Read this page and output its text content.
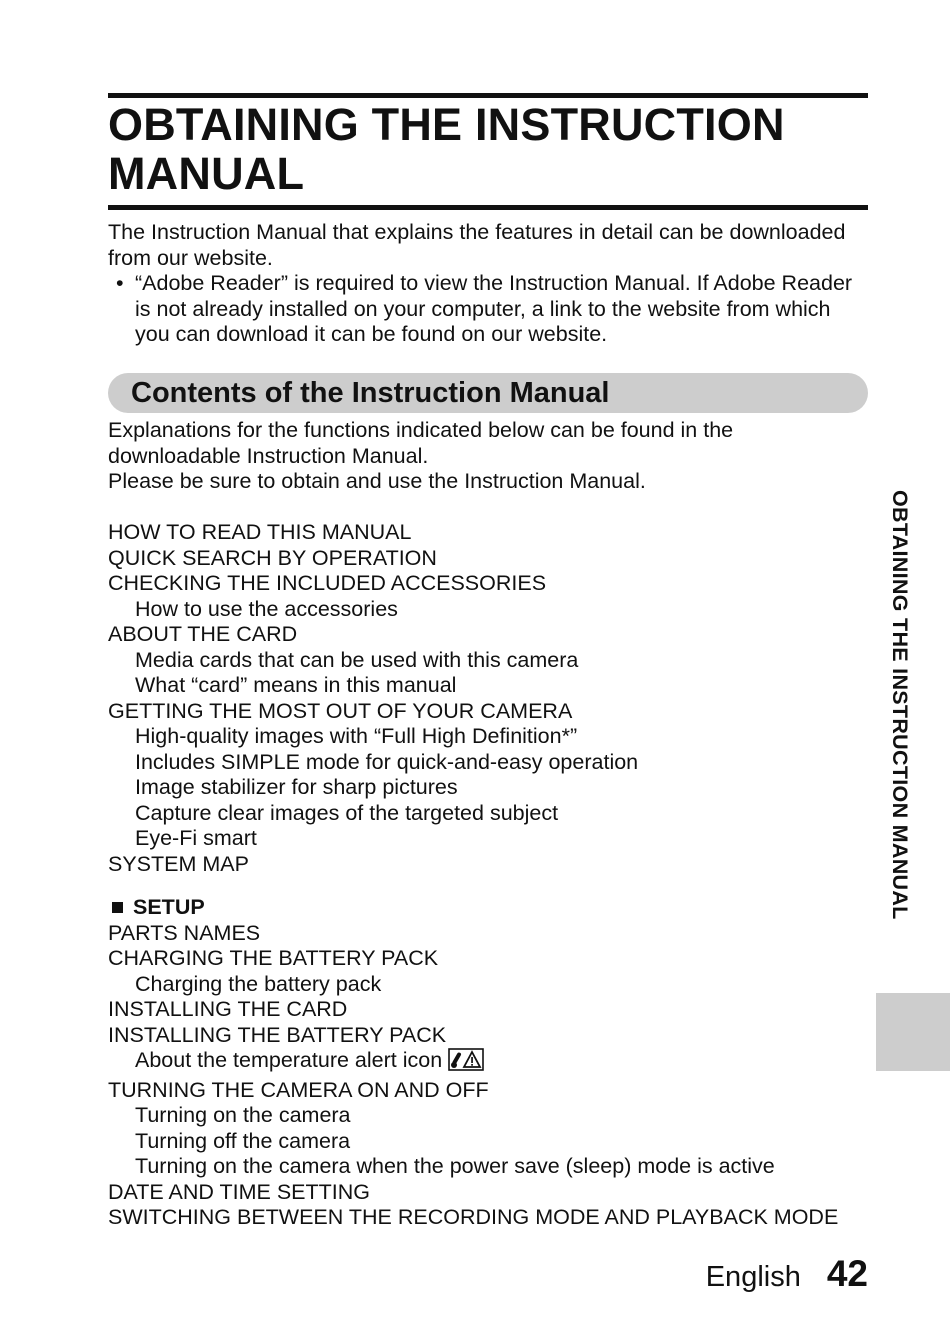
OBTAINING THE INSTRUCTION MANUAL

The Instruction Manual that explains the features in detail can be downloaded from our website.

• “Adobe Reader” is required to view the Instruction Manual. If Adobe Reader is not already installed on your computer, a link to the website from which you can download it can be found on our website.

Contents of the Instruction Manual

Explanations for the functions indicated below can be found in the

downloadable Instruction Manual.

Please be sure to obtain and use the Instruction Manual.

HOW TO READ THIS MANUAL
QUICK SEARCH BY OPERATION
CHECKING THE INCLUDED ACCESSORIES
How to use the accessories
ABOUT THE CARD
Media cards that can be used with this camera
What “card” means in this manual
GETTING THE MOST OUT OF YOUR CAMERA
High-quality images with “Full High Definition*”
Includes SIMPLE mode for quick-and-easy operation
Image stabilizer for sharp pictures
Capture clear images of the targeted subject
Eye-Fi smart
SYSTEM MAP

SETUP

PARTS NAMES
CHARGING THE BATTERY PACK
Charging the battery pack
INSTALLING THE CARD
INSTALLING THE BATTERY PACK
About the temperature alert icon
TURNING THE CAMERA ON AND OFF
Turning on the camera
Turning off the camera
Turning on the camera when the power save (sleep) mode is active
DATE AND TIME SETTING
SWITCHING BETWEEN THE RECORDING MODE AND PLAYBACK MODE
OBTAINING THE INSTRUCTION MANUAL
English 42
